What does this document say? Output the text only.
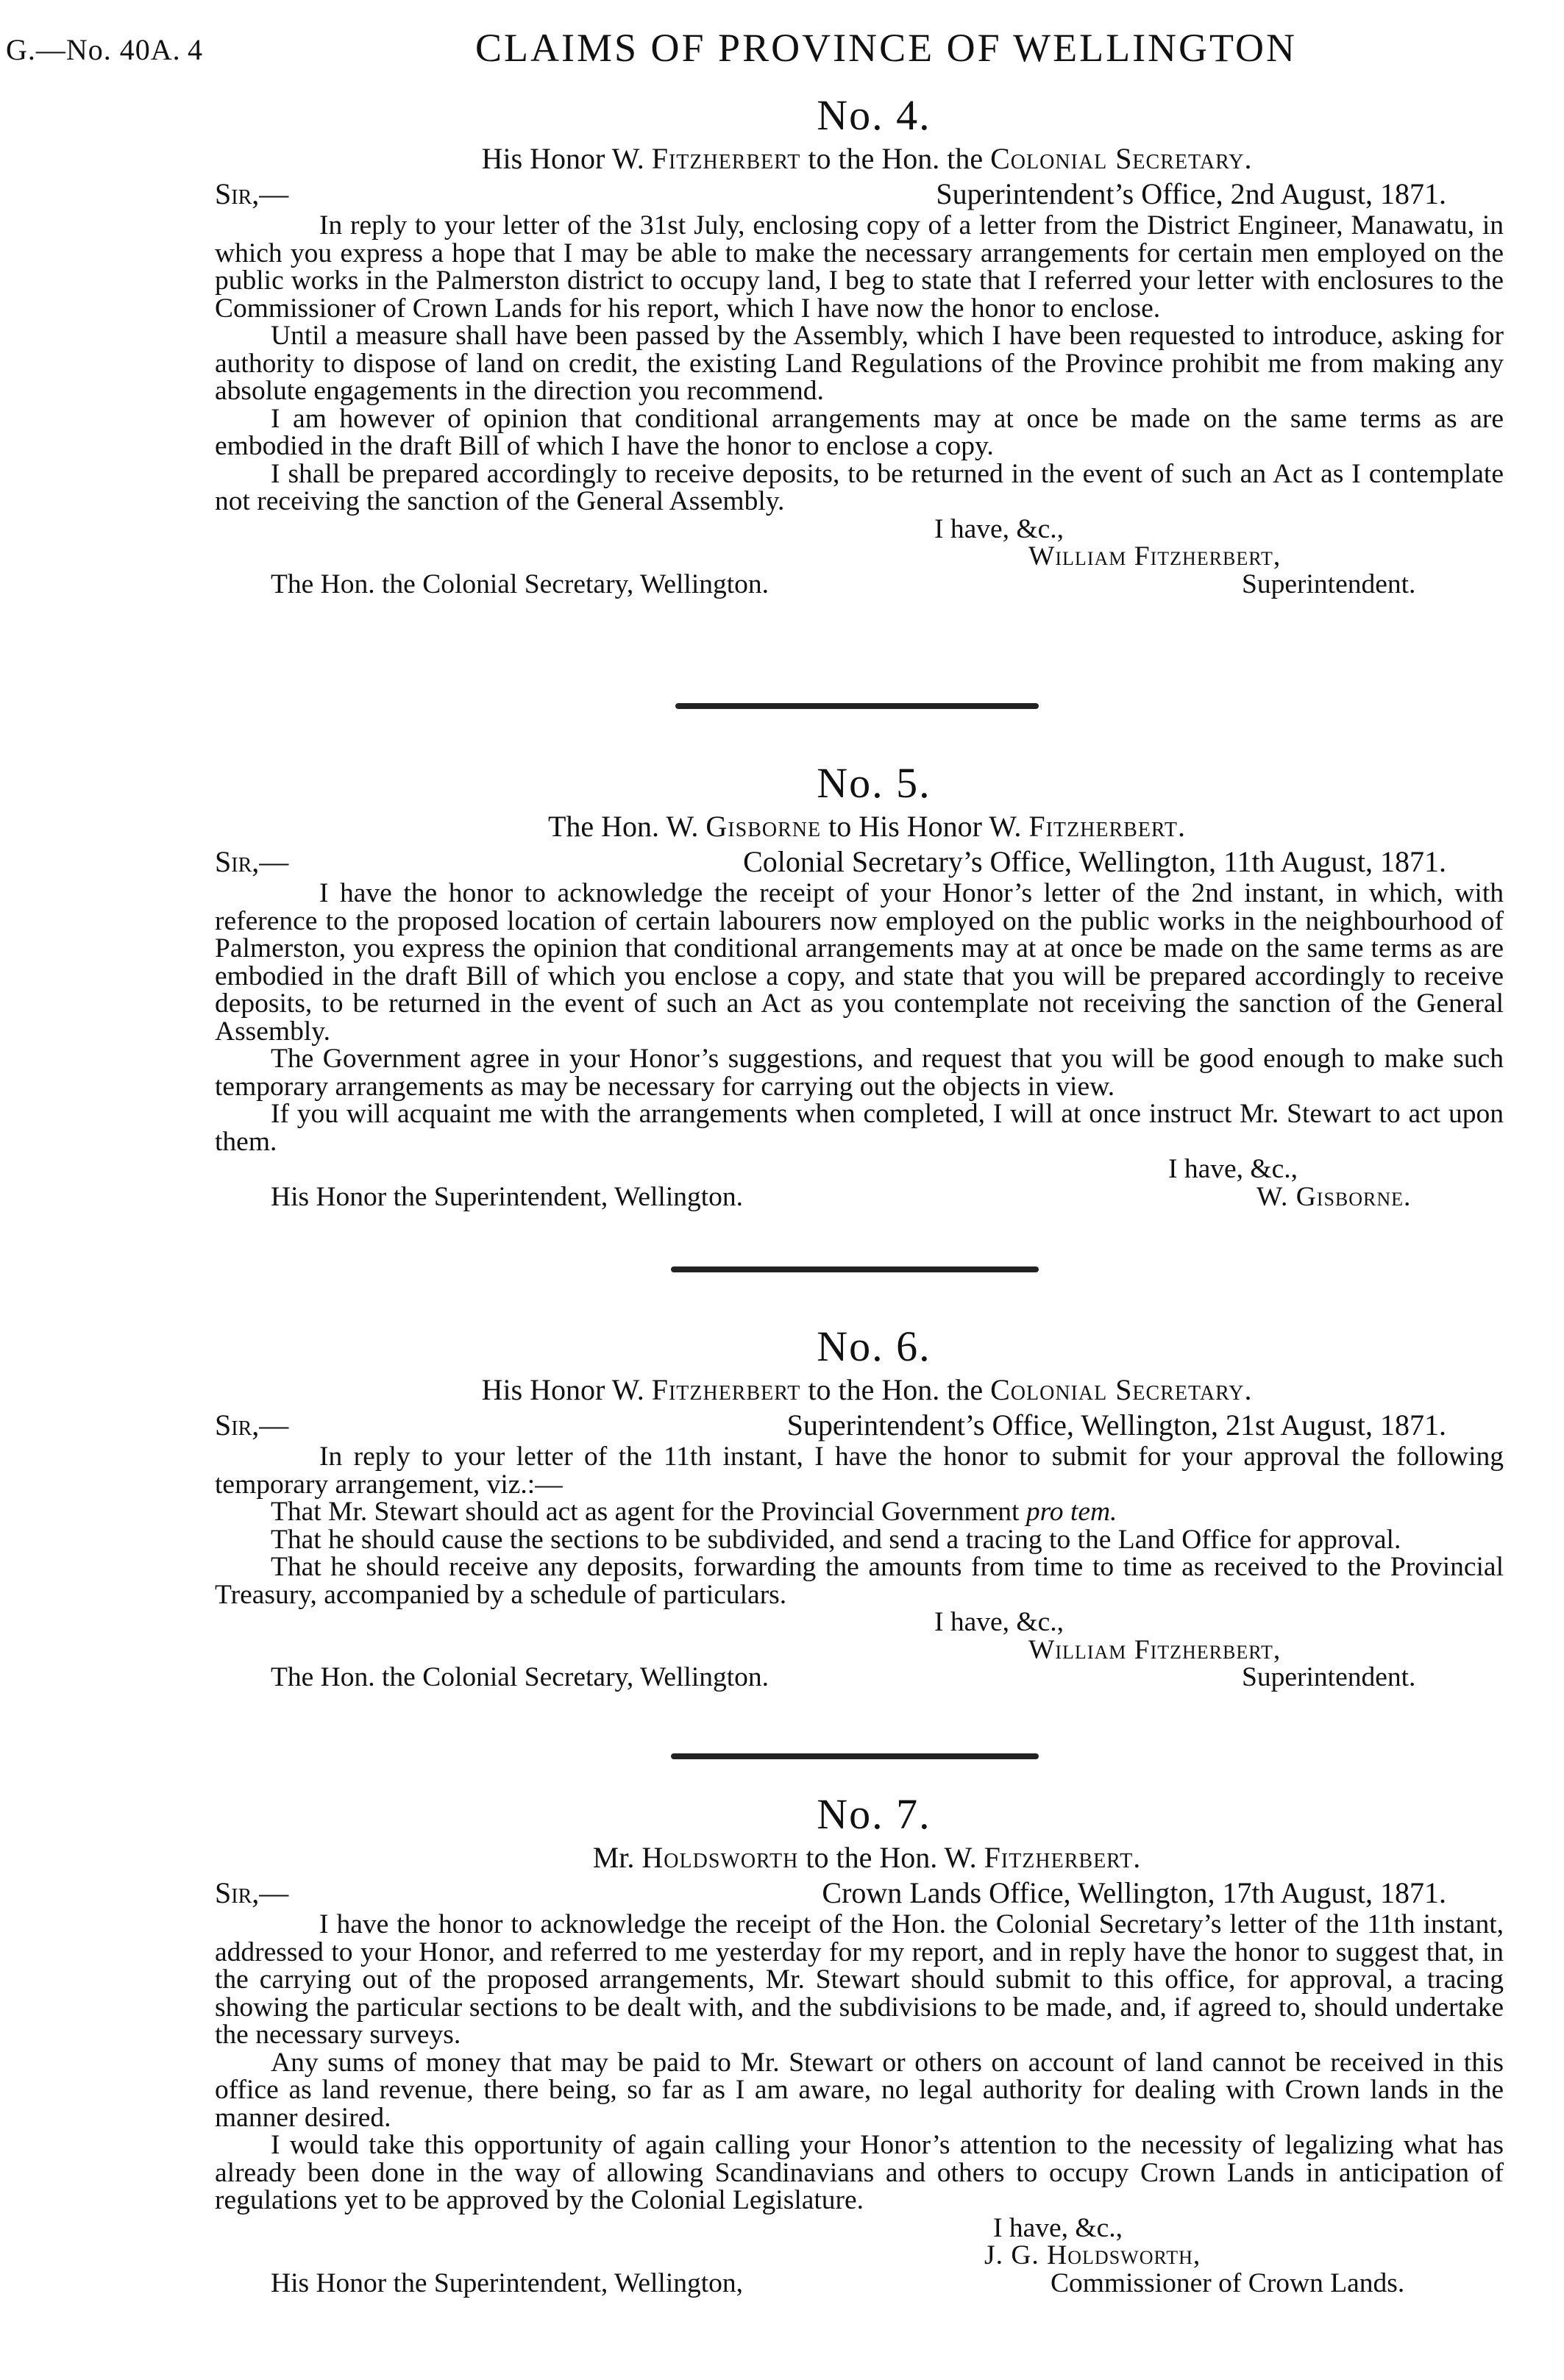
G.—No. 40A. 4	CLAIMS OF PROVINCE OF WELLINGTON
No. 4.
His Honor W. Fitzherbert to the Hon. the Colonial Secretary.
Sir,—	Superintendent’s Office, 2nd August, 1871.

In reply to your letter of the 31st July, enclosing copy of a letter from the District Engineer, Manawatu, in which you express a hope that I may be able to make the necessary arrangements for certain men employed on the public works in the Palmerston district to occupy land, I beg to state that I referred your letter with enclosures to the Commissioner of Crown Lands for his report, which I have now the honor to enclose.

Until a measure shall have been passed by the Assembly, which I have been requested to introduce, asking for authority to dispose of land on credit, the existing Land Regulations of the Province prohibit me from making any absolute engagements in the direction you recommend.

I am however of opinion that conditional arrangements may at once be made on the same terms as are embodied in the draft Bill of which I have the honor to enclose a copy.

I shall be prepared accordingly to receive deposits, to be returned in the event of such an Act as I contemplate not receiving the sanction of the General Assembly.

I have, &c.,
William Fitzherbert,
The Hon. the Colonial Secretary, Wellington.	Superintendent.
No. 5.
The Hon. W. Gisborne to His Honor W. Fitzherbert.
Sir,—	Colonial Secretary’s Office, Wellington, 11th August, 1871.

I have the honor to acknowledge the receipt of your Honor’s letter of the 2nd instant, in which, with reference to the proposed location of certain labourers now employed on the public works in the neighbourhood of Palmerston, you express the opinion that conditional arrangements may at at once be made on the same terms as are embodied in the draft Bill of which you enclose a copy, and state that you will be prepared accordingly to receive deposits, to be returned in the event of such an Act as you contemplate not receiving the sanction of the General Assembly.

The Government agree in your Honor’s suggestions, and request that you will be good enough to make such temporary arrangements as may be necessary for carrying out the objects in view.

If you will acquaint me with the arrangements when completed, I will at once instruct Mr. Stewart to act upon them.

I have, &c.,
His Honor the Superintendent, Wellington.	W. Gisborne.
No. 6.
His Honor W. Fitzherbert to the Hon. the Colonial Secretary.
Sir,—	Superintendent’s Office, Wellington, 21st August, 1871.

In reply to your letter of the 11th instant, I have the honor to submit for your approval the following temporary arrangement, viz.:—

That Mr. Stewart should act as agent for the Provincial Government pro tem.

That he should cause the sections to be subdivided, and send a tracing to the Land Office for approval.

That he should receive any deposits, forwarding the amounts from time to time as received to the Provincial Treasury, accompanied by a schedule of particulars.

I have, &c.,
William Fitzherbert,
The Hon. the Colonial Secretary, Wellington.	Superintendent.
No. 7.
Mr. Holdsworth to the Hon. W. Fitzherbert.
Sir,—	Crown Lands Office, Wellington, 17th August, 1871.

I have the honor to acknowledge the receipt of the Hon. the Colonial Secretary’s letter of the 11th instant, addressed to your Honor, and referred to me yesterday for my report, and in reply have the honor to suggest that, in the carrying out of the proposed arrangements, Mr. Stewart should submit to this office, for approval, a tracing showing the particular sections to be dealt with, and the subdivisions to be made, and, if agreed to, should undertake the necessary surveys.

Any sums of money that may be paid to Mr. Stewart or others on account of land cannot be received in this office as land revenue, there being, so far as I am aware, no legal authority for dealing with Crown lands in the manner desired.

I would take this opportunity of again calling your Honor’s attention to the necessity of legalizing what has already been done in the way of allowing Scandinavians and others to occupy Crown Lands in anticipation of regulations yet to be approved by the Colonial Legislature.

I have, &c.,
J. G. Holdsworth,
His Honor the Superintendent, Wellington,	Commissioner of Crown Lands.
